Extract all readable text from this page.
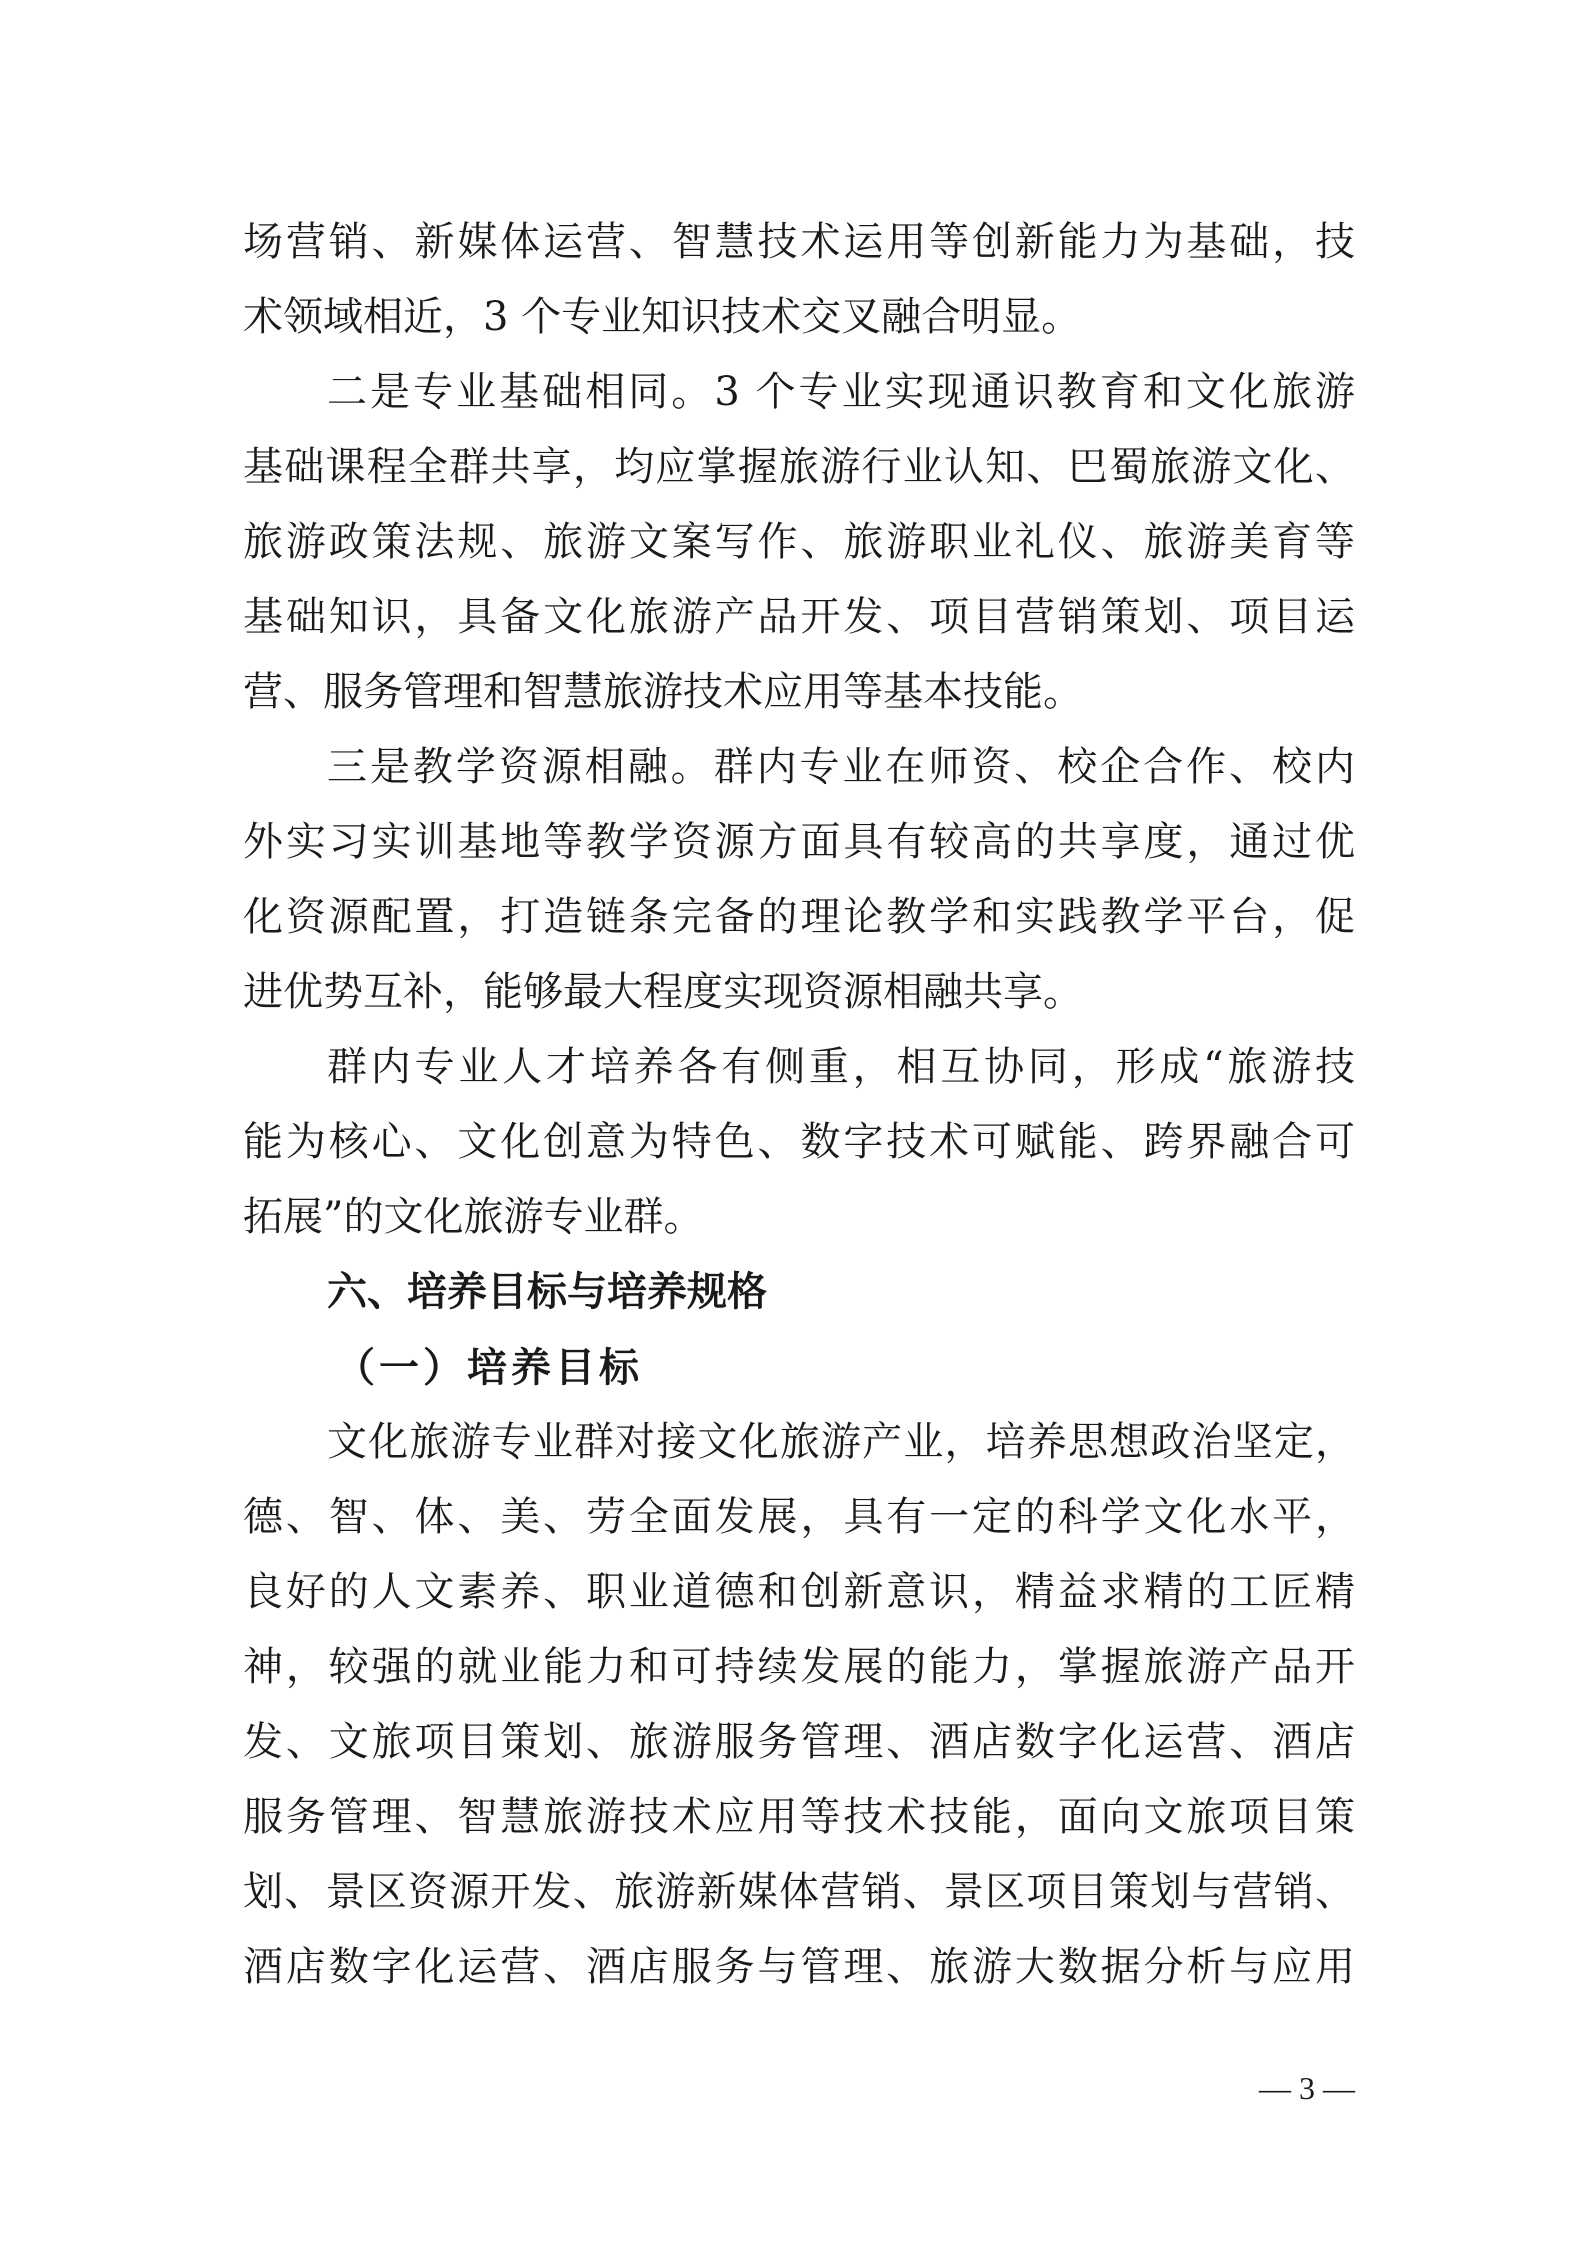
场营销、新媒体运营、智慧技术运用等创新能力为基础，技
术领域相近，3 个专业知识技术交叉融合明显。
二是专业基础相同。3 个专业实现通识教育和文化旅游
基础课程全群共享，均应掌握旅游行业认知、巴蜀旅游文化、
旅游政策法规、旅游文案写作、旅游职业礼仪、旅游美育等
基础知识，具备文化旅游产品开发、项目营销策划、项目运
营、服务管理和智慧旅游技术应用等基本技能。
三是教学资源相融。群内专业在师资、校企合作、校内
外实习实训基地等教学资源方面具有较高的共享度，通过优
化资源配置，打造链条完备的理论教学和实践教学平台，促
进优势互补，能够最大程度实现资源相融共享。
群内专业人才培养各有侧重，相互协同，形成“旅游技
能为核心、文化创意为特色、数字技术可赋能、跨界融合可
拓展”的文化旅游专业群。
六、培养目标与培养规格
（一）培养目标
文化旅游专业群对接文化旅游产业，培养思想政治坚定，
德、智、体、美、劳全面发展，具有一定的科学文化水平，
良好的人文素养、职业道德和创新意识，精益求精的工匠精
神，较强的就业能力和可持续发展的能力，掌握旅游产品开
发、文旅项目策划、旅游服务管理、酒店数字化运营、酒店
服务管理、智慧旅游技术应用等技术技能，面向文旅项目策
划、景区资源开发、旅游新媒体营销、景区项目策划与营销、
酒店数字化运营、酒店服务与管理、旅游大数据分析与应用
— 3 —
